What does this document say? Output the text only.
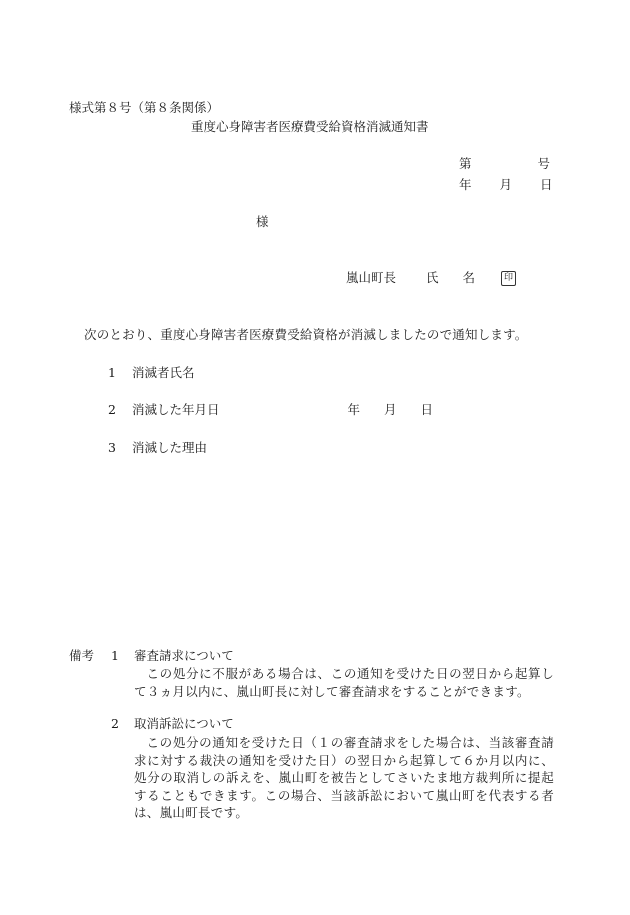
様式第８号（第８条関係）
重度心身障害者医療費受給資格消滅通知書
第	号
年 月 日
様
嵐山町長 氏 名	印
次のとおり、重度心身障害者医療費受給資格が消滅しましたので通知します。
1 消滅者氏名
2 消滅した年月日	年 月 日
3 消滅した理由
備考 1 審査請求について
この処分に不服がある場合は、この通知を受けた日の翌日から起算して３ヵ月以内に、嵐山町長に対して審査請求をすることができます。
2 取消訴訟について
この処分の通知を受けた日（１の審査請求をした場合は、当該審査請求に対する裁決の通知を受けた日）の翌日から起算して６か月以内に、処分の取消しの訴えを、嵐山町を被告としてさいたま地方裁判所に提起することもできます。この場合、当該訴訟において嵐山町を代表する者は、嵐山町長です。
